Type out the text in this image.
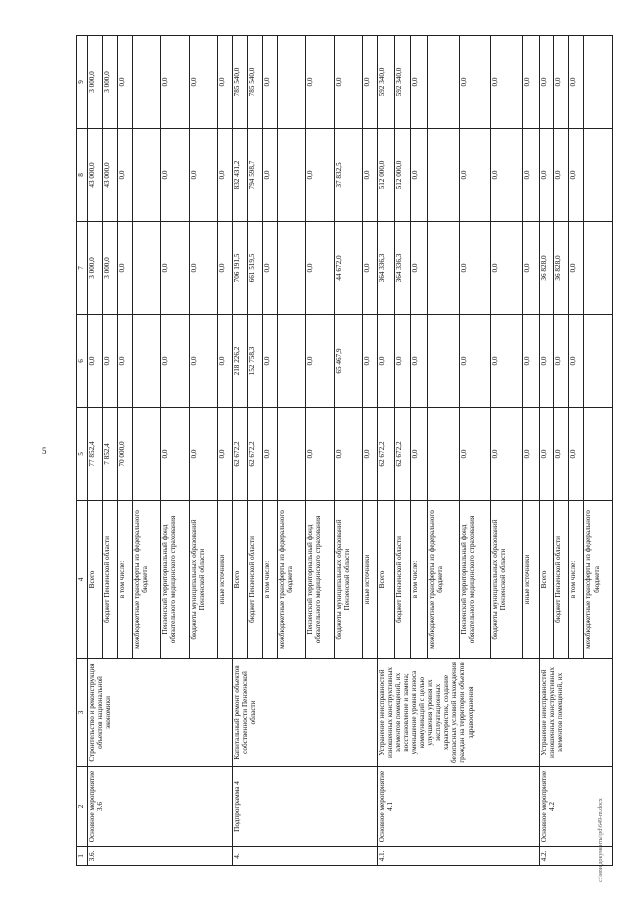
5
1	2	3	4	5	6	7	8	9
3.6.	Основное мероприятие 3.6	Строительство и реконструкция объектов национальной экономики	Всего	77 852,4	0,0	3 000,0	43 000,0	3 000,0
			бюджет Пензенской области	7 852,4	0,0	3 000,0	43 000,0	3 000,0
			в том числе:	70 000,0	0,0	0,0	0,0	0,0
			межбюджетные трансферты из федерального бюджета					
			Пензенский территориальный фонд обязательного медицинского страхования	0,0	0,0	0,0	0,0	0,0
			бюджеты муниципальных образований Пензенской области	0,0	0,0	0,0	0,0	0,0
			иные источники	0,0	0,0	0,0	0,0	0,0
4.	Подпрограмма 4	Капитальный ремонт объектов собственности Пензенской области	Всего	62 672,2	218 226,2	706 191,5	832 431,2	785 540,0
			бюджет Пензенской области	62 672,2	152 758,3	661 519,5	794 598,7	785 540,0
			в том числе:	0,0	0,0	0,0	0,0	0,0
			межбюджетные трансферты из федерального бюджета					
			Пензенский территориальный фонд обязательного медицинского страхования	0,0	0,0	0,0	0,0	0,0
			бюджеты муниципальных образований Пензенской области	0,0	65 467,9	44 672,0	37 832,5	0,0
			иные источники	0,0	0,0	0,0	0,0	0,0
4.1.	Основное мероприятие 4.1	Устранение неисправностей изношенных конструктивных элементов помещений, их восстановление и замена; уменьшение уровня износа коммуникаций с целью улучшения уровня их эксплуатационных характеристик, создание безопасных условий нахождения граждан на территории объектов здравоохранения	Всего	62 672,2	0,0	364 336,3	512 000,0	592 340,0
			бюджет Пензенской области	62 672,2	0,0	364 336,3	512 000,0	592 340,0
			в том числе:	0,0	0,0	0,0	0,0	0,0
			межбюджетные трансферты из федерального бюджета					
			Пензенский территориальный фонд обязательного медицинского страхования	0,0	0,0	0,0	0,0	0,0
			бюджеты муниципальных образований Пензенской области	0,0	0,0	0,0	0,0	0,0
			иные источники	0,0	0,0	0,0	0,0	0,0
4.2.	Основное мероприятие 4.2	Устранение неисправностей изношенных конструктивных элементов помещений, их	Всего	0,0	0,0	36 828,0	0,0	0,0
			бюджет Пензенской области	0,0	0,0	36 828,0	0,0	0,0
			в том числе:	0,0	0,0	0,0	0,0	0,0
			межбюджетные трансферты из федерального бюджета					
c:\мои документы\pd\649-m.docx
